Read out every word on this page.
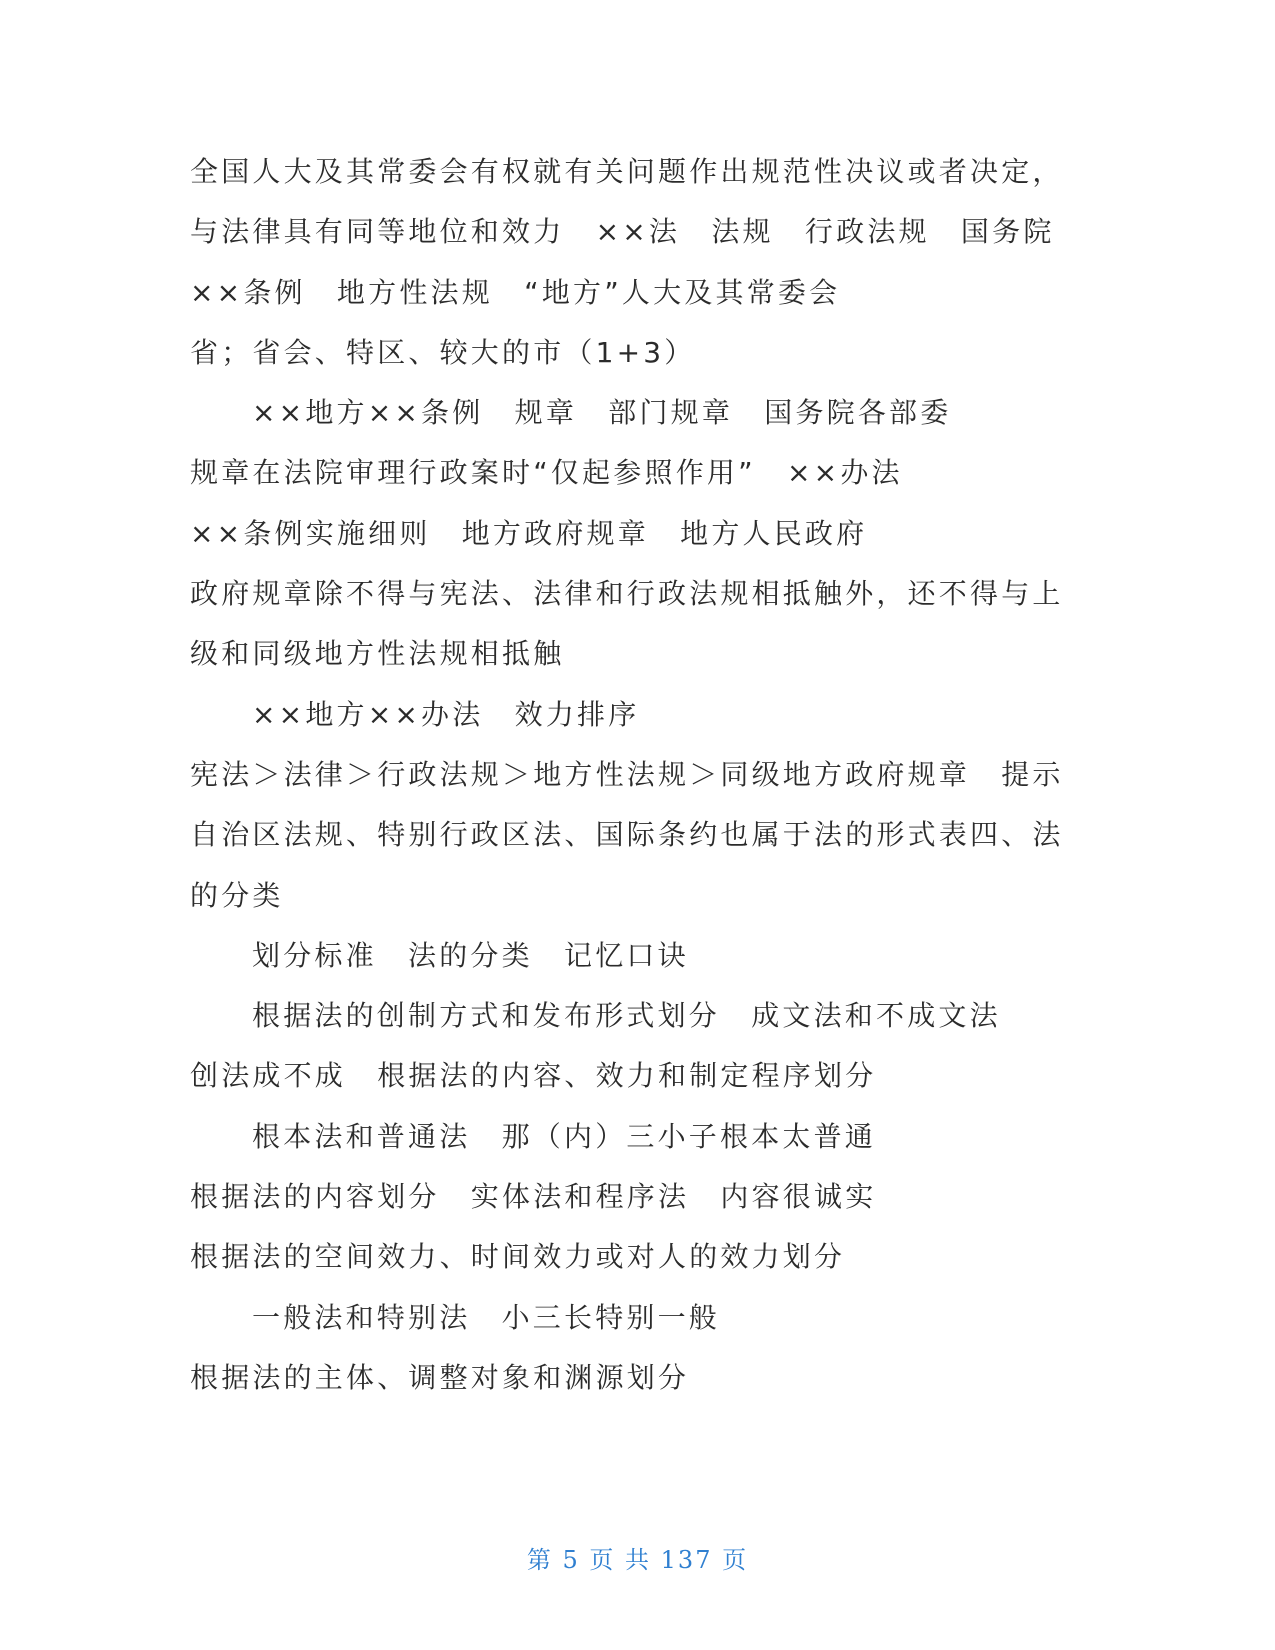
全国人大及其常委会有权就有关问题作出规范性决议或者决定，
与法律具有同等地位和效力　××法　法规　行政法规　国务院
××条例　地方性法规　“地方”人大及其常委会
省；省会、特区、较大的市（1+3）
××地方××条例　规章　部门规章　国务院各部委
规章在法院审理行政案时“仅起参照作用”　××办法
××条例实施细则　地方政府规章　地方人民政府
政府规章除不得与宪法、法律和行政法规相抵触外，还不得与上
级和同级地方性法规相抵触
××地方××办法　效力排序
宪法＞法律＞行政法规＞地方性法规＞同级地方政府规章　提示
自治区法规、特别行政区法、国际条约也属于法的形式表四、法
的分类
划分标准　法的分类　记忆口诀
根据法的创制方式和发布形式划分　成文法和不成文法
创法成不成　根据法的内容、效力和制定程序划分
根本法和普通法　那（内）三小子根本太普通
根据法的内容划分　实体法和程序法　内容很诚实
根据法的空间效力、时间效力或对人的效力划分
一般法和特别法　小三长特别一般
根据法的主体、调整对象和渊源划分
第 5 页 共 137 页
